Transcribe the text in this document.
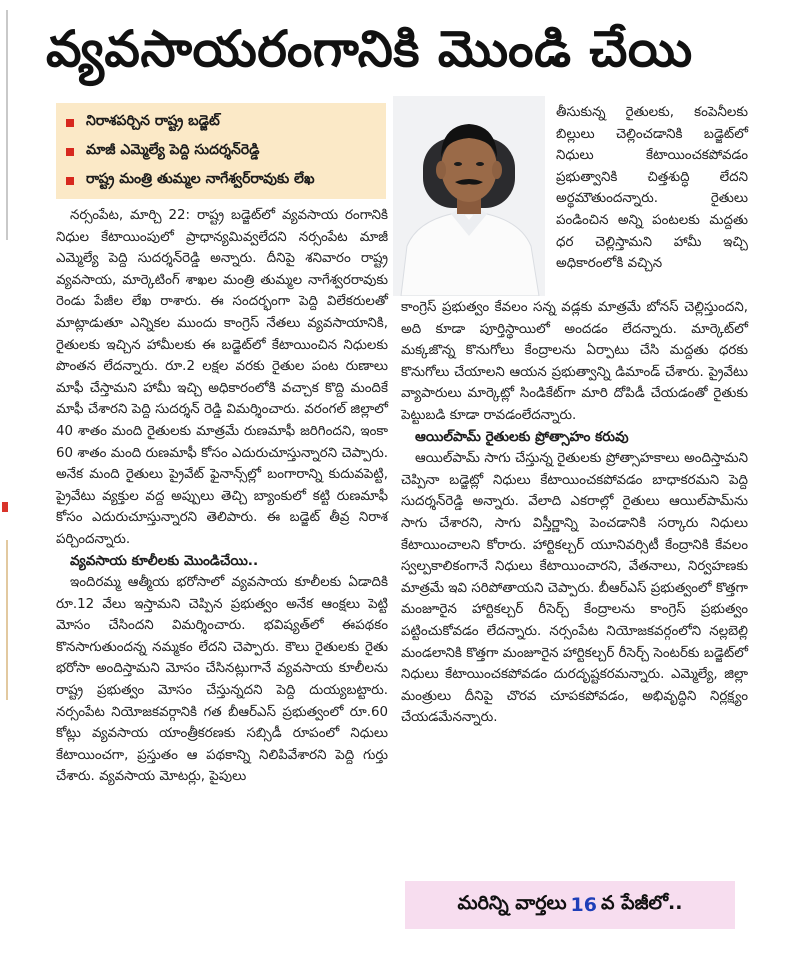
వ్యవసాయరంగానికి మొండి చేయి
నిరాశపర్చిన రాష్ట్ర బడ్జెట్
మాజీ ఎమ్మెల్యే పెద్ది సుదర్శన్‌రెడ్డి
రాష్ట్ర మంత్రి తుమ్మల నాగేశ్వర్‌రావుకు లేఖ

నర్సంపేట, మార్చి 22: రాష్ట్ర బడ్జెట్‌లో వ్యవసాయ రంగానికి నిధుల కేటాయింపులో ప్రాధాన్యమివ్వలేదని నర్సంపేట మాజీ ఎమ్మెల్యే పెద్ది సుదర్శన్‌రెడ్డి అన్నారు. దీనిపై శనివారం రాష్ట్ర వ్యవసాయ, మార్కెటింగ్ శాఖల మంత్రి తుమ్మల నాగేశ్వరరావుకు రెండు పేజీల లేఖ రాశారు. ఈ సందర్భంగా పెద్ది విలేకరులతో మాట్లాడుతూ ఎన్నికల ముందు కాంగ్రెస్ నేతలు వ్యవసాయానికి, రైతులకు ఇచ్చిన హామీలకు ఈ బడ్జెట్‌లో కేటాయించిన నిధులకు పొంతన లేదన్నారు. రూ.2 లక్షల వరకు రైతుల పంట రుణాలు మాఫీ చేస్తామని హామీ ఇచ్చి అధికారంలోకి వచ్చాక కొద్ది మందికే మాఫీ చేశారని పెద్ది సుదర్శన్ రెడ్డి విమర్శించారు. వరంగల్ జిల్లాలో 40 శాతం మంది రైతులకు మాత్రమే రుణమాఫీ జరిగిందని, ఇంకా 60 శాతం మంది రుణమాఫీ కోసం ఎదురుచూస్తున్నారని చెప్పారు. అనేక మంది రైతులు ప్రైవేట్ ఫైనాన్స్‌ల్లో బంగారాన్ని కుదువపెట్టి, ప్రైవేటు వ్యక్తుల వద్ద అప్పులు తెచ్చి బ్యాంకులో కట్టి రుణమాఫీ కోసం ఎదురుచూస్తున్నారని తెలిపారు. ఈ బడ్జెట్ తీవ్ర నిరాశ పర్చిందన్నారు.

వ్యవసాయ కూలీలకు మొండిచేయి..

ఇందిరమ్మ ఆత్మీయ భరోసాలో వ్యవసాయ కూలీలకు ఏడాదికి రూ.12 వేలు ఇస్తామని చెప్పిన ప్రభుత్వం అనేక ఆంక్షలు పెట్టి మోసం చేసిందని విమర్శించారు. భవిష్యత్‌లో ఈపథకం కొనసాగుతుందన్న నమ్మకం లేదని చెప్పారు. కౌలు రైతులకు రైతు భరోసా అందిస్తామని మోసం చేసినట్లుగానే వ్యవసాయ కూలీలను రాష్ట్ర ప్రభుత్వం మోసం చేస్తున్నదని పెద్ది దుయ్యబట్టారు. నర్సంపేట నియోజకవర్గానికి గత బీఆర్‌ఎస్ ప్రభుత్వంలో రూ.60 కోట్లు వ్యవసాయ యాంత్రీకరణకు సబ్సిడీ రూపంలో నిధులు కేటాయించగా, ప్రస్తుతం ఆ పథకాన్ని నిలిపివేశారని పెద్ది గుర్తు చేశారు. వ్యవసాయ మోటర్లు, పైపులు

తీసుకున్న రైతులకు, కంపెనీలకు బిల్లులు చెల్లించడానికి బడ్జెట్‌లో నిధులు కేటాయించకపోవడం ప్రభుత్వానికి చిత్తశుద్ధి లేదని అర్థమౌతుందన్నారు. రైతులు పండించిన అన్ని పంటలకు మద్దతు ధర చెల్లిస్తామని హామీ ఇచ్చి అధికారంలోకి వచ్చిన

కాంగ్రెస్ ప్రభుత్వం కేవలం సన్న వడ్లకు మాత్రమే బోనస్ చెల్లిస్తుందని, అది కూడా పూర్తిస్థాయిలో అందడం లేదన్నారు. మార్కెట్‌లో మక్కజొన్న కొనుగోలు కేంద్రాలను ఏర్పాటు చేసి మద్దతు ధరకు కొనుగోలు చేయాలని ఆయన ప్రభుత్వాన్ని డిమాండ్ చేశారు. ప్రైవేటు వ్యాపారులు మార్కెట్లో సిండికేట్‌గా మారి దోపిడీ చేయడంతో రైతుకు పెట్టుబడి కూడా రావడంలేదన్నారు.

ఆయిల్‌పామ్ రైతులకు ప్రోత్సాహం కరువు

ఆయిల్‌పామ్ సాగు చేస్తున్న రైతులకు ప్రోత్సాహకాలు అందిస్తామని చెప్పినా బడ్జెట్లో నిధులు కేటాయించకపోవడం బాధాకరమని పెద్ది సుదర్శన్‌రెడ్డి అన్నారు. వేలాది ఎకరాల్లో రైతులు ఆయిల్‌పామ్‌ను సాగు చేశారని, సాగు విస్తీర్ణాన్ని పెంచడానికి సర్కారు నిధులు కేటాయించాలని కోరారు. హార్టికల్చర్ యూనివర్సిటీ కేంద్రానికి కేవలం స్వల్పకాలికంగానే నిధులు కేటాయించారని, వేతనాలు, నిర్వహణకు మాత్రమే ఇవి సరిపోతాయని చెప్పారు. బీఆర్‌ఎస్ ప్రభుత్వంలో కొత్తగా మంజూరైన హార్టికల్చర్ రీసెర్చ్ కేంద్రాలను కాంగ్రెస్ ప్రభుత్వం పట్టించుకోవడం లేదన్నారు. నర్సంపేట నియోజకవర్గంలోని నల్లబెల్లి మండలానికి కొత్తగా మంజూరైన హార్టికల్చర్ రీసెర్చ్ సెంటర్‌కు బడ్జెట్‌లో నిధులు కేటాయించకపోవడం దురదృష్టకరమన్నారు. ఎమ్మెల్యే, జిల్లా మంత్రులు దీనిపై చొరవ చూపకపోవడం, అభివృద్ధిని నిర్లక్ష్యం చేయడమేనన్నారు.

మరిన్ని వార్తలు 16 వ పేజీలో..
